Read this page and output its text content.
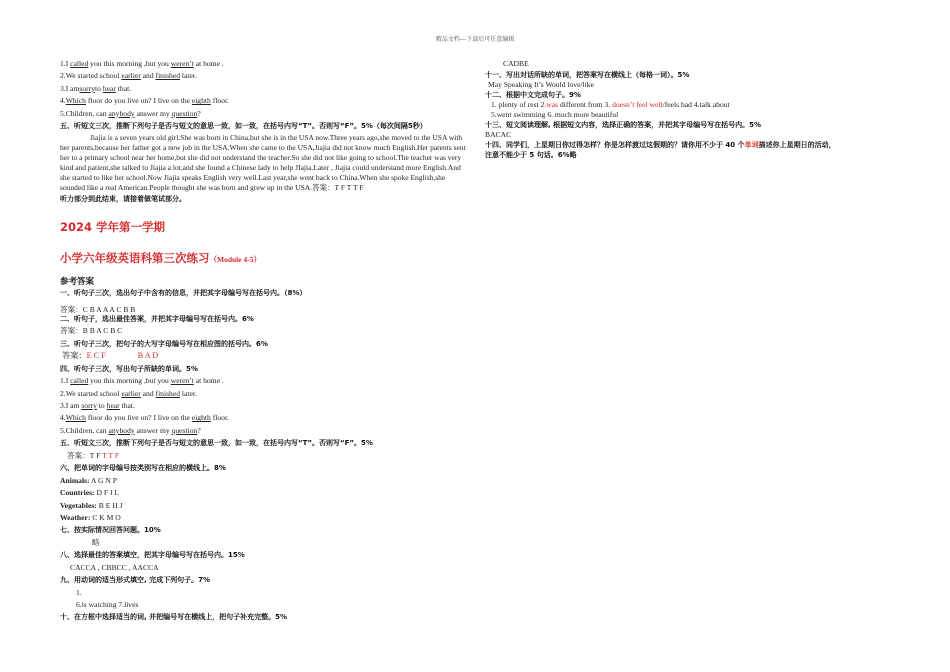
精品文档---下载后可任意编辑
1.I called you this morning ,but you weren’t at home .
2.We started school earlier and finished later.
3.I amsorryto hear that.
4.Which floor do you live on? I live on the eighth floor.
5.Children, can anybody answer my question?
五、听短文三次，推断下列句子是否与短文的意思一致，如一致，在括号内写“T”。否则写“F”。5%（每次间隔5秒）
Jiajia is a seven years old girl.She was born in China,but she is in the USA now.Three years ago,she moved to the USA with her parents,because her father got a new job in the USA.When she came to the USA,Jiajia did not know much English.Her parents sent her to a primary school near her home,but she did not understand the teacher.So she did not like going to school.The teacher was very kind and patient,she talked to Jiajia a lot,and she found a Chinese lady to help JIajia.Later , Jiajia could understand more English.And she started to like her school.Now Jiajia speaks English very well.Last year,she went back to China.When she spoke English,she sounded like a real American.People thought she was born and grew up in the USA.答案：T F T T F
听力部分到此结束，请接着做笔试部分。
2024 学年第一学期
小学六年级英语科第三次练习（Module 4-5）
参考答案
一、听句子三次，选出句子中含有的信息，并把其字母编号写在括号内。（8%）
答案：C B A A A C B B
二、听句子，选出最佳答案，并把其字母编号写在括号内。6%
答案：B B A C B C
三、听句子三次，把句子的大写字母编号写在相应图的括号内。6%
答案：E C F	B A D
四、听句子三次，写出句子所缺的单词。5%
1.I called you this morning ,but you weren’t at home .
2.We started school earlier and finished later.
3.I am sorry to hear that.
4.Which floor do you live on? I live on the eighth floor.
5.Children, can anybody answer my question?
五、听短文三次，推断下列句子是否与短文的意思一致，如一致，在括号内写“T”。否则写“F”。5%
答案：T F T T F
六、把单词的字母编号按类别写在相应的横线上。8%
Animals: A G N P
Countries: D F I L
Vegetables: B E H J
Weather: C K M O
七、按实际情况回答问题。10%
略
八、选择最佳的答案填空，把其字母编号写在括号内。15%
CACCA , CBBCC , AACCA
九、用动词的适当形式填空, 完成下列句子。7%
1.
6.is watching 7.lives
十、在方框中选择适当的词, 并把编号写在横线上，把句子补充完整。5%
CADBE
十一、写出对话所缺的单词，把答案写在横线上（每格一词）。5%
May Speaking It’s Would love/like
十二、根据中文完成句子。9%
1. plenty of rest 2.was different from 3. doesn’t feel well/feels bad 4.talk about
5.went swimming 6. much more beautiful
十三、短文阅读理解, 根据短文内容，选择正确的答案，并把其字母编号写在括号内。5%
BACAC
十四、同学们，上星期日你过得怎样？你是怎样渡过这假期的？请你用不少于 40 个单词描述你上星期日的活动，
注意不能少于 5 句话。6%略
